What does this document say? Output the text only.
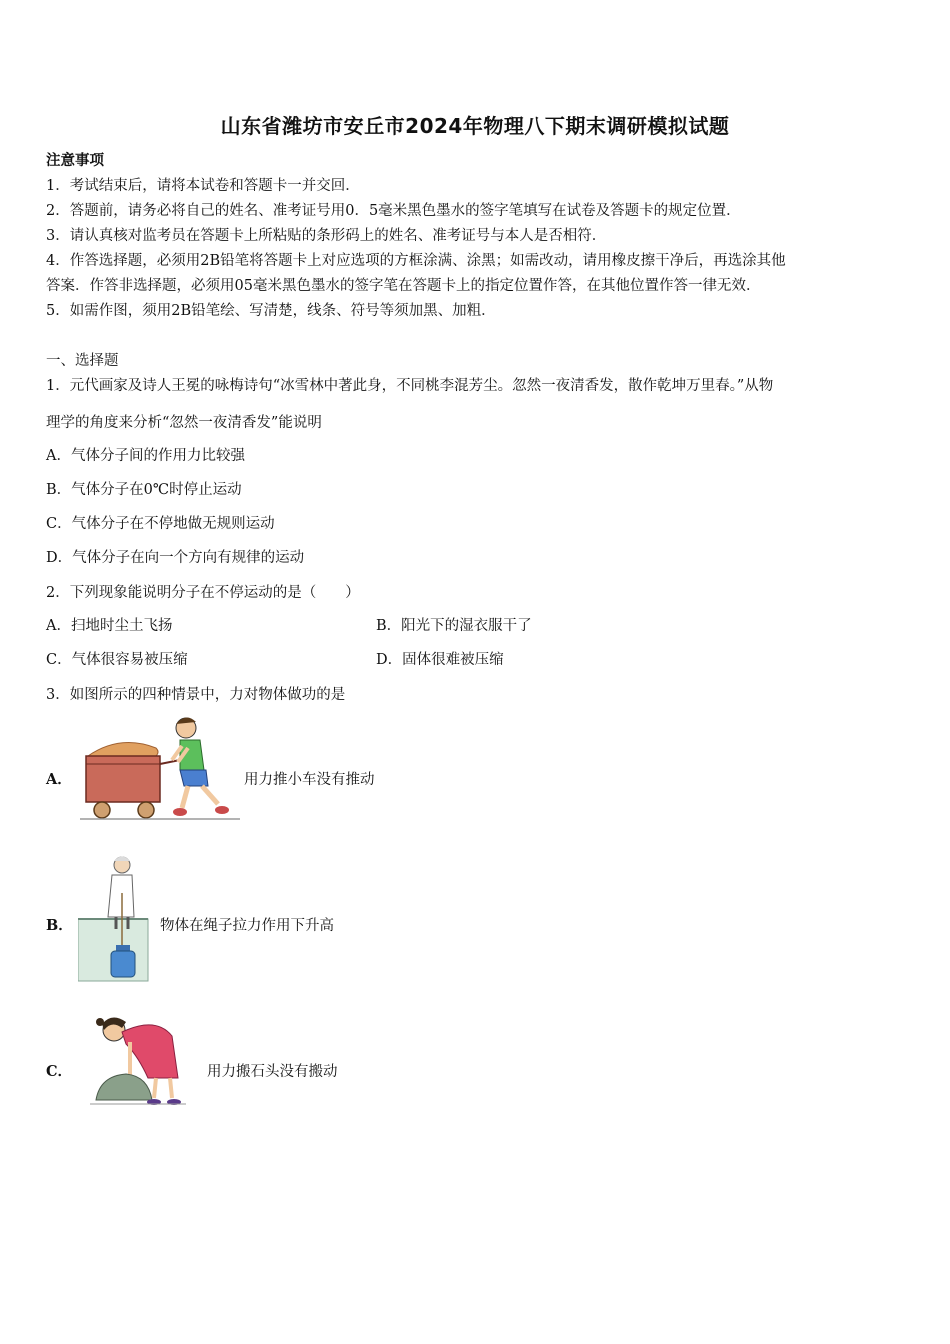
山东省潍坊市安丘市2024年物理八下期末调研模拟试题
注意事项
1．考试结束后，请将本试卷和答题卡一并交回．
2．答题前，请务必将自己的姓名、准考证号用0．5毫米黑色墨水的签字笔填写在试卷及答题卡的规定位置．
3．请认真核对监考员在答题卡上所粘贴的条形码上的姓名、准考证号与本人是否相符．
4．作答选择题，必须用2B铅笔将答题卡上对应选项的方框涂满、涂黑；如需改动，请用橡皮擦干净后，再选涂其他
答案．作答非选择题，必须用05毫米黑色墨水的签字笔在答题卡上的指定位置作答，在其他位置作答一律无效．
5．如需作图，须用2B铅笔绘、写清楚，线条、符号等须加黑、加粗．
一、选择题
1．元代画家及诗人王冕的咏梅诗句“冰雪林中著此身，不同桃李混芳尘。忽然一夜清香发，散作乾坤万里春。”从物
理学的角度来分析“忽然一夜清香发”能说明
A．气体分子间的作用力比较强
B．气体分子在0℃时停止运动
C．气体分子在不停地做无规则运动
D．气体分子在向一个方向有规律的运动
2．下列现象能说明分子在不停运动的是（　　）
A．扫地时尘土飞扬	B．阳光下的湿衣服干了
C．气体很容易被压缩	D．固体很难被压缩
3．如图所示的四种情景中，力对物体做功的是
A．	用力推小车没有推动
B．	物体在绳子拉力作用下升高
C．	用力搬石头没有搬动
